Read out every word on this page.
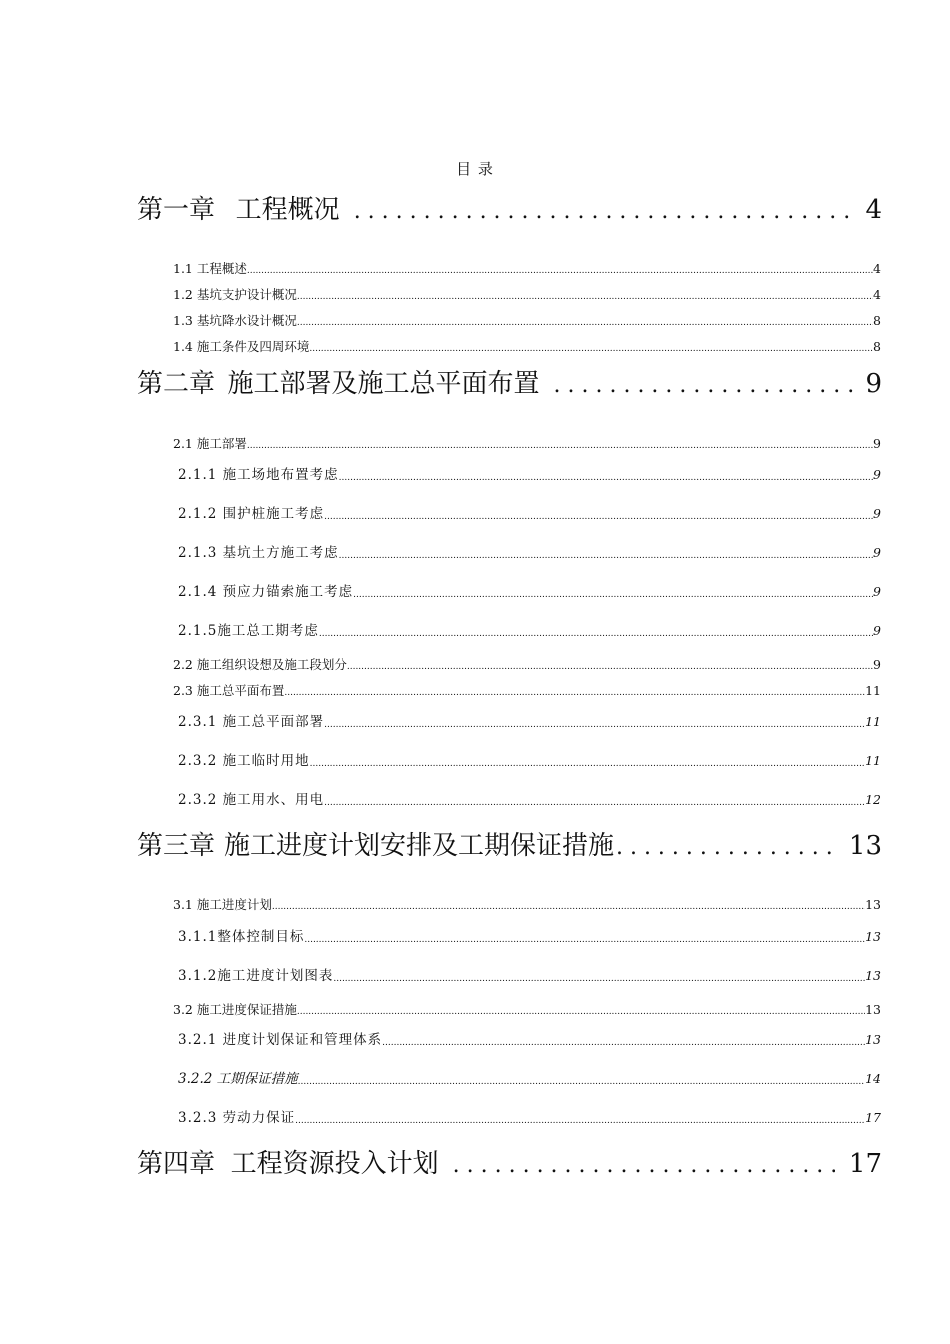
目 录
第一章 工程概况 . . .	4
1.1 工程概述 .....	4
1.2 基坑支护设计概况 .....	4
1.3 基坑降水设计概况 .....	8
1.4 施工条件及四周环境 .....	8
第二章 施工部署及施工总平面布置 . . .	9
2.1 施工部署 .....	9
2.1.1 施工场地布置考虑 .....	9
2.1.2 围护桩施工考虑 .....	9
2.1.3 基坑土方施工考虑 .....	9
2.1.4 预应力锚索施工考虑 .....	9
2.1.5施工总工期考虑 .....	9
2.2 施工组织设想及施工段划分 .....	9
2.3 施工总平面布置 .....	11
2.3.1 施工总平面部署 .....	11
2.3.2 施工临时用地 .....	11
2.3.2 施工用水、用电 .....	12
第三章 施工进度计划安排及工期保证措施 . . .	13
3.1 施工进度计划 .....	13
3.1.1整体控制目标 .....	13
3.1.2施工进度计划图表 .....	13
3.2 施工进度保证措施 .....	13
3.2.1 进度计划保证和管理体系 .....	13
3.2.2 工期保证措施 .....	14
3.2.3 劳动力保证 .....	17
第四章 工程资源投入计划 . . .	17
